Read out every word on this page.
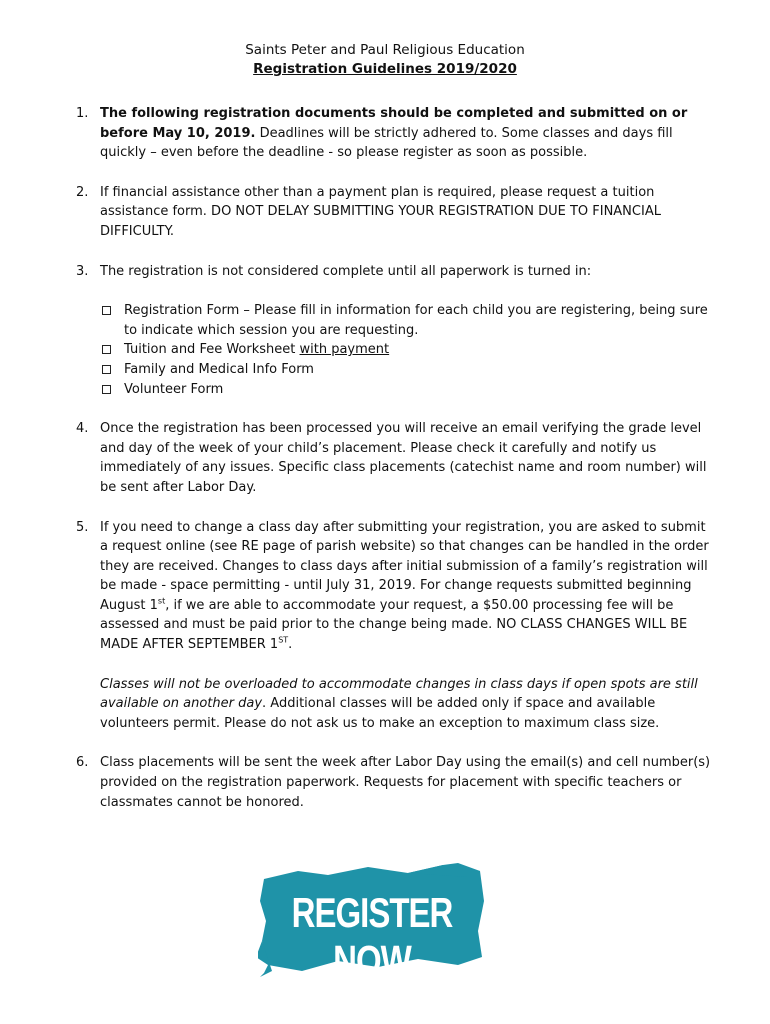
Saints Peter and Paul Religious Education
Registration Guidelines 2019/2020
1. The following registration documents should be completed and submitted on or before May 10, 2019. Deadlines will be strictly adhered to. Some classes and days fill quickly – even before the deadline - so please register as soon as possible.

2. If financial assistance other than a payment plan is required, please request a tuition assistance form. DO NOT DELAY SUBMITTING YOUR REGISTRATION DUE TO FINANCIAL DIFFICULTY.

3. The registration is not considered complete until all paperwork is turned in:

Registration Form – Please fill in information for each child you are registering, being sure to indicate which session you are requesting.
Tuition and Fee Worksheet with payment
Family and Medical Info Form
Volunteer Form
4. Once the registration has been processed you will receive an email verifying the grade level and day of the week of your child’s placement. Please check it carefully and notify us immediately of any issues. Specific class placements (catechist name and room number) will be sent after Labor Day.

5. If you need to change a class day after submitting your registration, you are asked to submit a request online (see RE page of parish website) so that changes can be handled in the order they are received. Changes to class days after initial submission of a family’s registration will be made - space permitting - until July 31, 2019. For change requests submitted beginning August 1st, if we are able to accommodate your request, a $50.00 processing fee will be assessed and must be paid prior to the change being made. NO CLASS CHANGES WILL BE MADE AFTER SEPTEMBER 1ST.

Classes will not be overloaded to accommodate changes in class days if open spots are still available on another day. Additional classes will be added only if space and available volunteers permit. Please do not ask us to make an exception to maximum class size.
6. Class placements will be sent the week after Labor Day using the email(s) and cell number(s) provided on the registration paperwork. Requests for placement with specific teachers or classmates cannot be honored.

REGISTER NOW
